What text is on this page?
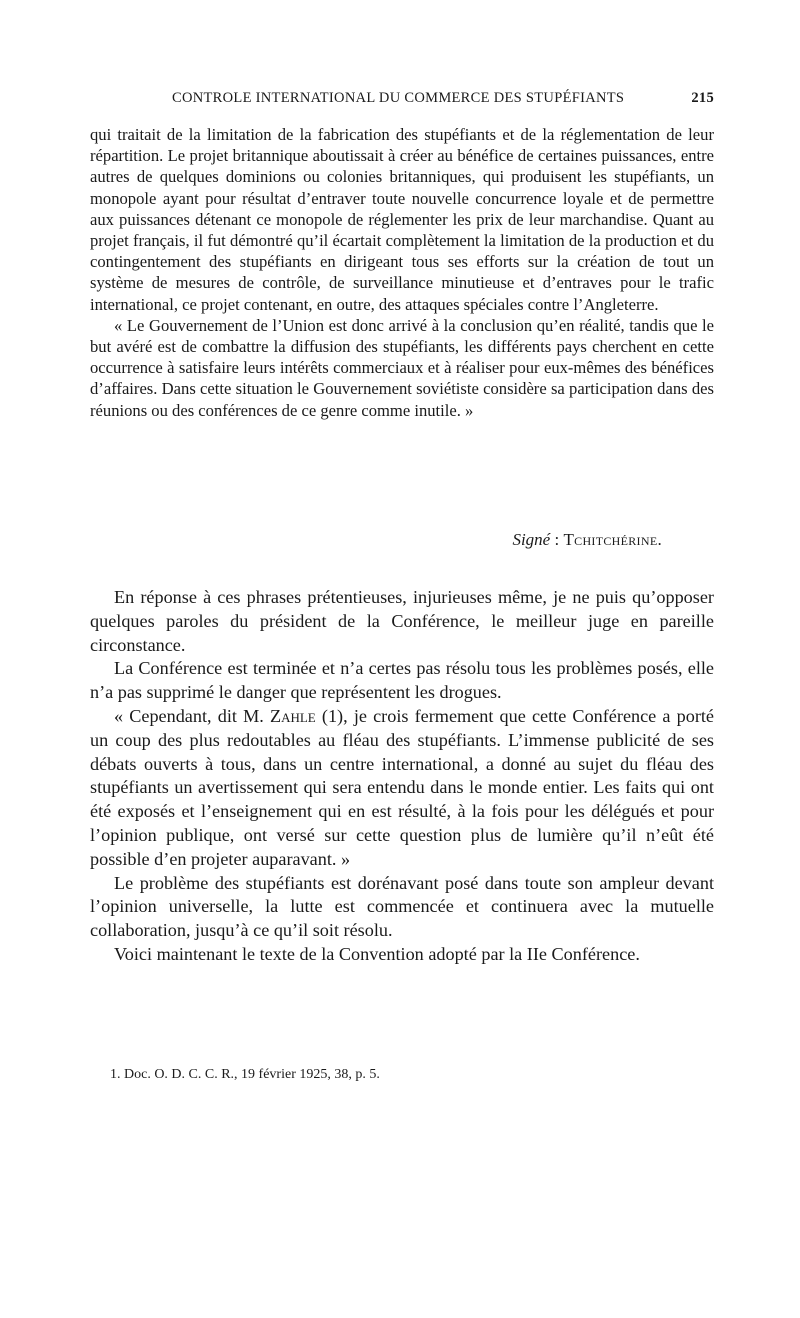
CONTROLE INTERNATIONAL DU COMMERCE DES STUPÉFIANTS	215

qui traitait de la limitation de la fabrication des stupéfiants et de la réglementation de leur répartition. Le projet britannique aboutissait à créer au bénéfice de certaines puissances, entre autres de quelques dominions ou colonies britanniques, qui produisent les stupéfiants, un monopole ayant pour résultat d’entraver toute nouvelle concurrence loyale et de permettre aux puissances détenant ce monopole de réglementer les prix de leur marchandise. Quant au projet français, il fut démontré qu’il écartait complètement la limitation de la production et du contingentement des stupéfiants en dirigeant tous ses efforts sur la création de tout un système de mesures de contrôle, de surveillance minutieuse et d’entraves pour le trafic international, ce projet contenant, en outre, des attaques spéciales contre l’Angleterre.

« Le Gouvernement de l’Union est donc arrivé à la conclusion qu’en réalité, tandis que le but avéré est de combattre la diffusion des stupéfiants, les différents pays cherchent en cette occurrence à satisfaire leurs intérêts commerciaux et à réaliser pour eux-mêmes des bénéfices d’affaires. Dans cette situation le Gouvernement soviétiste considère sa participation dans des réunions ou des conférences de ce genre comme inutile. »

Signé : Tchitchérine.

En réponse à ces phrases prétentieuses, injurieuses même, je ne puis qu’opposer quelques paroles du président de la Conférence, le meilleur juge en pareille circonstance.

La Conférence est terminée et n’a certes pas résolu tous les problèmes posés, elle n’a pas supprimé le danger que représentent les drogues.

« Cependant, dit M. Zahle (1), je crois fermement que cette Conférence a porté un coup des plus redoutables au fléau des stupéfiants. L’immense publicité de ses débats ouverts à tous, dans un centre international, a donné au sujet du fléau des stupéfiants un avertissement qui sera entendu dans le monde entier. Les faits qui ont été exposés et l’enseignement qui en est résulté, à la fois pour les délégués et pour l’opinion publique, ont versé sur cette question plus de lumière qu’il n’eût été possible d’en projeter auparavant. »

Le problème des stupéfiants est dorénavant posé dans toute son ampleur devant l’opinion universelle, la lutte est commencée et continuera avec la mutuelle collaboration, jusqu’à ce qu’il soit résolu.

Voici maintenant le texte de la Convention adopté par la IIe Conférence.

1. Doc. O. D. C. C. R., 19 février 1925, 38, p. 5.
